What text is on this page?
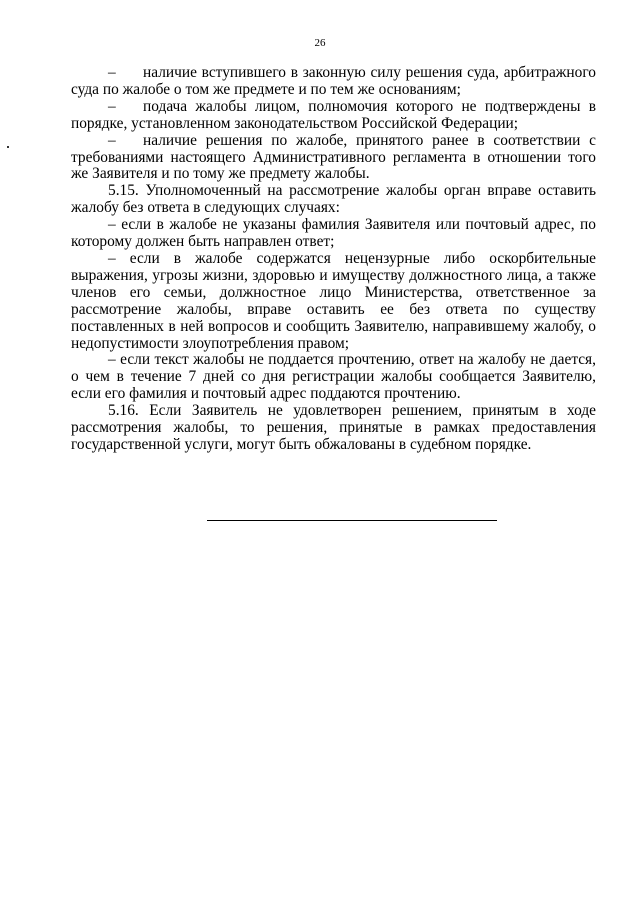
26

– наличие вступившего в законную силу решения суда, арбитражного суда по жалобе о том же предмете и по тем же основаниям;

– подача жалобы лицом, полномочия которого не подтверждены в порядке, установленном законодательством Российской Федерации;

– наличие решения по жалобе, принятого ранее в соответствии с требованиями настоящего Административного регламента в отношении того же Заявителя и по тому же предмету жалобы.

5.15. Уполномоченный на рассмотрение жалобы орган вправе оставить жалобу без ответа в следующих случаях:

– если в жалобе не указаны фамилия Заявителя или почтовый адрес, по которому должен быть направлен ответ;

– если в жалобе содержатся нецензурные либо оскорбительные выражения, угрозы жизни, здоровью и имуществу должностного лица, а также членов его семьи, должностное лицо Министерства, ответственное за рассмотрение жалобы, вправе оставить ее без ответа по существу поставленных в ней вопросов и сообщить Заявителю, направившему жалобу, о недопустимости злоупотребления правом;

– если текст жалобы не поддается прочтению, ответ на жалобу не дается, о чем в течение 7 дней со дня регистрации жалобы сообщается Заявителю, если его фамилия и почтовый адрес поддаются прочтению.

5.16. Если Заявитель не удовлетворен решением, принятым в ходе рассмотрения жалобы, то решения, принятые в рамках предоставления государственной услуги, могут быть обжалованы в судебном порядке.
